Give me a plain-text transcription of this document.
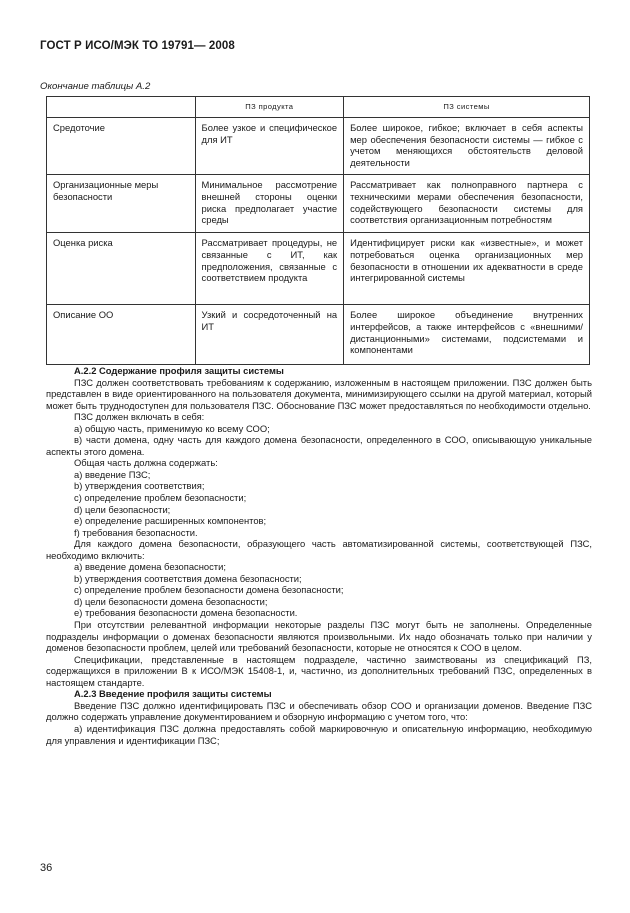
ГОСТ Р ИСО/МЭК ТО 19791— 2008
Окончание таблицы А.2
	ПЗ продукта	ПЗ системы
Средоточие	Более узкое и специфическое для ИТ	Более широкое, гибкое; включает в себя аспекты мер обеспечения безопасности системы — гибкое с учетом меняющихся обстоятельств деловой деятельности
Организационные меры безопасности	Минимальное рассмотрение внешней стороны оценки риска предполагает участие среды	Рассматривает как полноправного партнера с техническими мерами обеспечения безопасности, содействующего безопасности системы для соответствия организационным потребностям
Оценка риска	Рассматривает процедуры, не связанные с ИТ, как предположения, связанные с соответствием продукта	Идентифицирует риски как «известные», и может потребоваться оценка организационных мер безопасности в отношении их адекватности в среде интегрированной системы
Описание ОО	Узкий и сосредоточенный на ИТ	Более широкое объединение внутренних интерфейсов, а также интерфейсов с «внешними/дистанционными» системами, подсистемами и компонентами

А.2.2 Содержание профиля защиты системы

ПЗС должен соответствовать требованиям к содержанию, изложенным в настоящем приложении. ПЗС должен быть представлен в виде ориентированного на пользователя документа, минимизирующего ссылки на другой материал, который может быть труднодоступен для пользователя ПЗС. Обоснование ПЗС может предоставляться по необходимости отдельно.

ПЗС должен включать в себя:

а) общую часть, применимую ко всему СОО;

в) части домена, одну часть для каждого домена безопасности, определенного в СОО, описывающую уникальные аспекты этого домена.

Общая часть должна содержать:

a) введение ПЗС;

b) утверждения соответствия;

c) определение проблем безопасности;

d) цели безопасности;

e) определение расширенных компонентов;

f) требования безопасности.

Для каждого домена безопасности, образующего часть автоматизированной системы, соответствующей ПЗС, необходимо включить:

a) введение домена безопасности;

b) утверждения соответствия домена безопасности;

c) определение проблем безопасности домена безопасности;

d) цели безопасности домена безопасности;

e) требования безопасности домена безопасности.

При отсутствии релевантной информации некоторые разделы ПЗС могут быть не заполнены. Определенные подразделы информации о доменах безопасности являются произвольными. Их надо обозначать только при наличии у доменов безопасности проблем, целей или требований безопасности, которые не относятся к СОО в целом.

Спецификации, представленные в настоящем подразделе, частично заимствованы из спецификаций ПЗ, содержащихся в приложении В к ИСО/МЭК 15408-1, и, частично, из дополнительных требований ПЗС, определенных в настоящем стандарте.

А.2.3 Введение профиля защиты системы

Введение ПЗС должно идентифицировать ПЗС и обеспечивать обзор СОО и организации доменов. Введение ПЗС должно содержать управление документированием и обзорную информацию с учетом того, что:

а) идентификация ПЗС должна предоставлять собой маркировочную и описательную информацию, необходимую для управления и идентификации ПЗС;

36
